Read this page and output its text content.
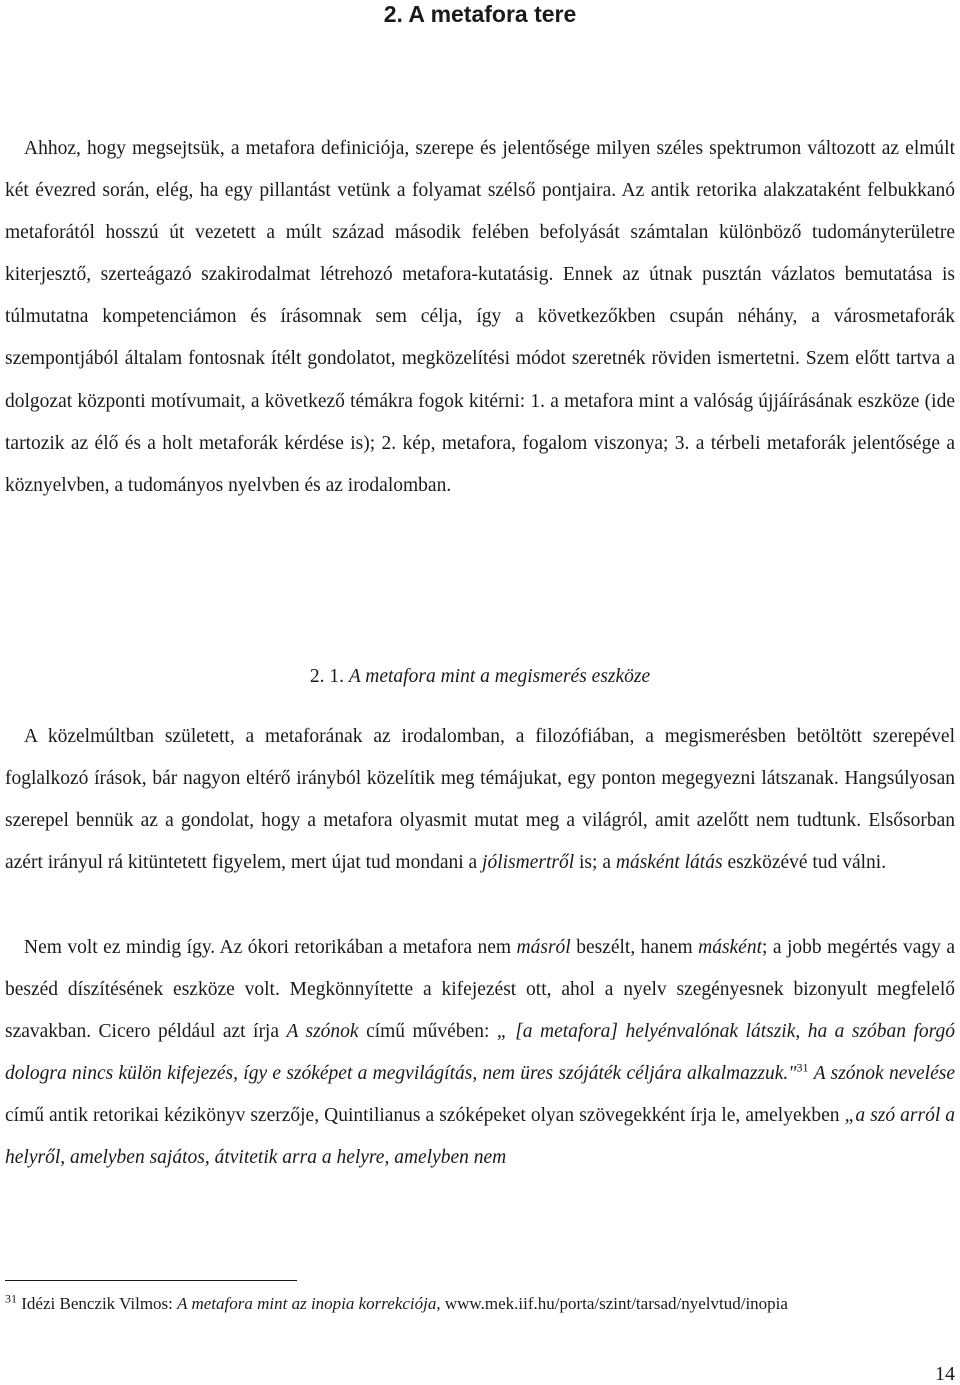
2. A metafora tere

Ahhoz, hogy megsejtsük, a metafora definiciója, szerepe és jelentősége milyen széles spektrumon változott az elmúlt két évezred során, elég, ha egy pillantást vetünk a folyamat szélső pontjaira. Az antik retorika alakzataként felbukkanó metaforától hosszú út vezetett a múlt század második felében befolyását számtalan különböző tudományterületre kiterjesztő, szerteágazó szakirodalmat létrehozó metafora-kutatásig. Ennek az útnak pusztán vázlatos bemutatása is túlmutatna kompetenciámon és írásomnak sem célja, így a következőkben csupán néhány, a városmetaforák szempontjából általam fontosnak ítélt gondolatot, megközelítési módot szeretnék röviden ismertetni. Szem előtt tartva a dolgozat központi motívumait, a következő témákra fogok kitérni: 1. a metafora mint a valóság újjáírásának eszköze (ide tartozik az élő és a holt metaforák kérdése is); 2. kép, metafora, fogalom viszonya; 3. a térbeli metaforák jelentősége a köznyelvben, a tudományos nyelvben és az irodalomban.

2. 1. A metafora mint a megismerés eszköze

A közelmúltban született, a metaforának az irodalomban, a filozófiában, a megismerésben betöltött szerepével foglalkozó írások, bár nagyon eltérő irányból közelítik meg témájukat, egy ponton megegyezni látszanak. Hangsúlyosan szerepel bennük az a gondolat, hogy a metafora olyasmit mutat meg a világról, amit azelőtt nem tudtunk. Elsősorban azért irányul rá kitüntetett figyelem, mert újat tud mondani a jólismertről is; a másként látás eszközévé tud válni.

Nem volt ez mindig így. Az ókori retorikában a metafora nem másról beszélt, hanem másként; a jobb megértés vagy a beszéd díszítésének eszköze volt. Megkönnyítette a kifejezést ott, ahol a nyelv szegényesnek bizonyult megfelelő szavakban. Cicero például azt írja A szónok című művében: „ [a metafora] helyénvalónak látszik, ha a szóban forgó dologra nincs külön kifejezés, így e szóképet a megvilágítás, nem üres szójáték céljára alkalmazzuk."$^{31}$ A szónok nevelése című antik retorikai kézikönyv szerzője, Quintilianus a szóképeket olyan szövegekként írja le, amelyekben „a szó arról a helyről, amelyben sajátos, átvitetik arra a helyre, amelyben nem

$^{31}$ Idézi Benczik Vilmos: A metafora mint az inopia korrekciója, www.mek.iif.hu/porta/szint/tarsad/nyelvtud/inopia

14
